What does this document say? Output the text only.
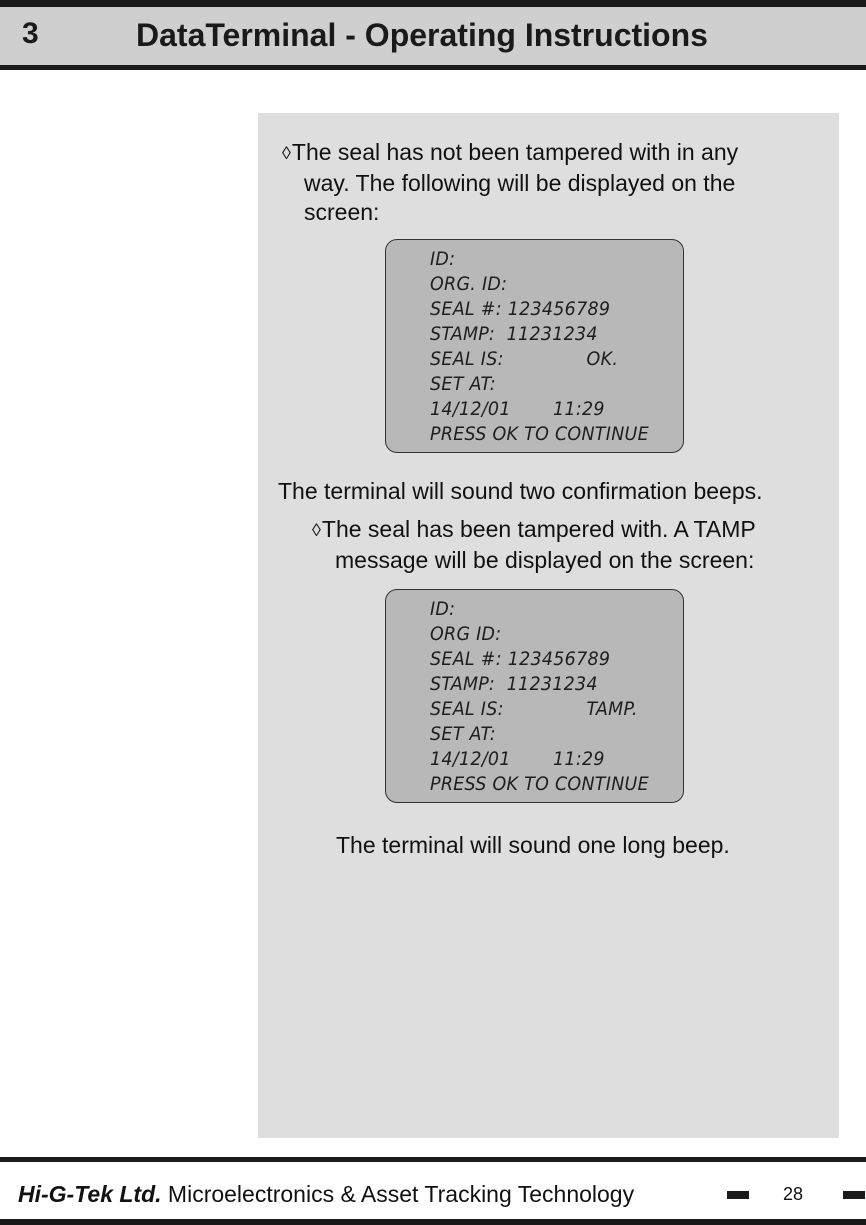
3	DataTerminal - Operating Instructions
◊The seal has not been tampered with in any
way. The following will be displayed on the
screen:
ID:
ORG. ID:
SEAL #: 123456789
STAMP:  11231234
SEAL IS:	OK.
SET AT:
14/12/01 11:29
PRESS OK TO CONTINUE
The terminal will sound two confirmation beeps.
◊The seal has been tampered with. A TAMP
message will be displayed on the screen:
ID:
ORG ID:
SEAL #: 123456789
STAMP:  11231234
SEAL IS:	TAMP.
SET AT:
14/12/01 11:29
PRESS OK TO CONTINUE
The terminal will sound one long beep.
Hi-G-Tek Ltd. Microelectronics & Asset Tracking Technology	28
